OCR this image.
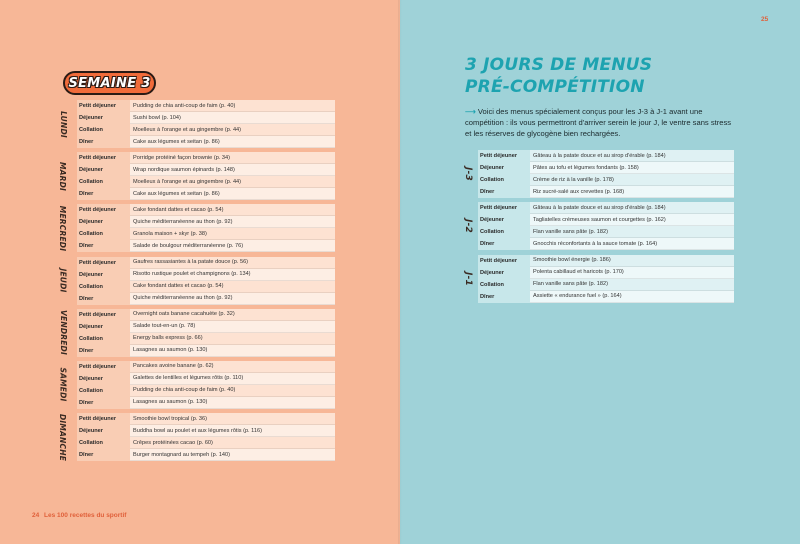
SEMAINE 3
LUNDI
Petit déjeuner	Pudding de chia anti-coup de faim (p. 40)
Déjeuner	Sushi bowl (p. 104)
Collation	Moelleux à l'orange et au gingembre (p. 44)
Dîner	Cake aux légumes et seitan (p. 86)
MARDI
Petit déjeuner	Porridge protéiné façon brownie (p. 34)
Déjeuner	Wrap nordique saumon épinards (p. 148)
Collation	Moelleux à l'orange et au gingembre (p. 44)
Dîner	Cake aux légumes et seitan (p. 86)
MERCREDI	Petit déjeuner	Cake fondant dattes et cacao (p. 54)
Déjeuner	Quiche méditerranéenne au thon (p. 92)
Collation	Granola maison + skyr (p. 38)
Dîner	Salade de boulgour méditerranéenne (p. 76)
JEUDI
Petit déjeuner	Gaufres rassasiantes à la patate douce (p. 56)
Déjeuner	Risotto rustique poulet et champignons (p. 134)
Collation	Cake fondant dattes et cacao (p. 54)
Dîner	Quiche méditerranéenne au thon (p. 92)
VENDREDI	Petit déjeuner	Overnight oats banane cacahuète (p. 32)
Déjeuner	Salade tout-en-un (p. 78)
Collation	Energy balls express (p. 66)
Dîner	Lasagnes au saumon (p. 130)
SAMEDI
Petit déjeuner	Pancakes avoine banane (p. 62)
Déjeuner	Galettes de lentilles et légumes rôtis (p. 110)
Collation	Pudding de chia anti-coup de faim (p. 40)
Dîner	Lasagnes au saumon (p. 130)
DIMANCHE	Petit déjeuner	Smoothie bowl tropical (p. 36)
Déjeuner	Buddha bowl au poulet et aux légumes rôtis (p. 116)
Collation	Crêpes protéinées cacao (p. 60)
Dîner	Burger montagnard au tempeh (p. 140)
24 Les 100 recettes du sportif
25
3 JOURS DE MENUS
PRÉ-COMPÉTITION
⟶ Voici des menus spécialement conçus pour les J-3 à J-1 avant une compétition : ils vous permettront d'arriver serein le jour J, le ventre sans stress et les réserves de glycogène bien rechargées.
J-3
Petit déjeuner	Gâteau à la patate douce et au sirop d'érable (p. 184)
Déjeuner	Pâtes au tofu et légumes fondants (p. 158)
Collation	Crème de riz à la vanille (p. 178)
Dîner	Riz sucré-salé aux crevettes (p. 168)
J-2
Petit déjeuner	Gâteau à la patate douce et au sirop d'érable (p. 184)
Déjeuner	Tagliatelles crémeuses saumon et courgettes (p. 162)
Collation	Flan vanille sans pâte (p. 182)
Dîner	Gnocchis réconfortants à la sauce tomate (p. 164)
J-1
Petit déjeuner	Smoothie bowl énergie (p. 186)
Déjeuner	Polenta cabillaud et haricots (p. 170)
Collation	Flan vanille sans pâte (p. 182)
Dîner	Assiette « endurance fuel » (p. 164)
